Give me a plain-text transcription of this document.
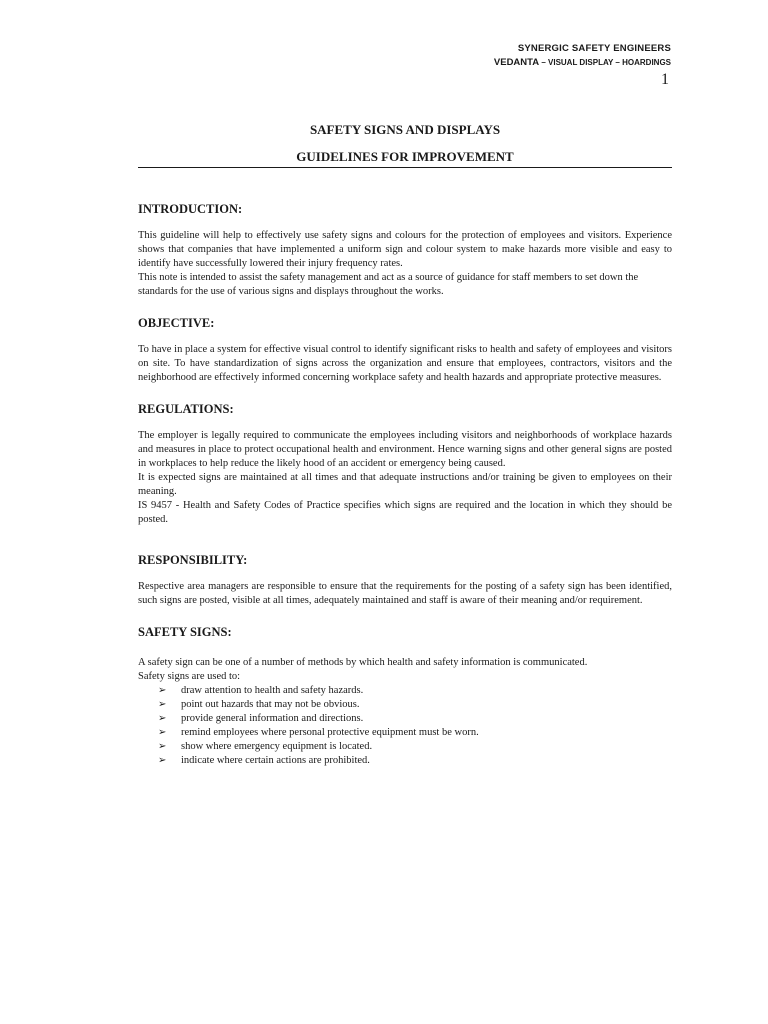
SYNERGIC SAFETY ENGINEERS
VEDANTA – VISUAL DISPLAY – HOARDINGS
1
SAFETY SIGNS AND DISPLAYS
GUIDELINES FOR IMPROVEMENT
INTRODUCTION:

This guideline will help to effectively use safety signs and colours for the protection of employees and visitors. Experience shows that companies that have implemented a uniform sign and colour system to make hazards more visible and easy to identify have successfully lowered their injury frequency rates.

This note is intended to assist the safety management and act as a source of guidance for staff members to set down the standards for the use of various signs and displays throughout the works.

OBJECTIVE:

To have in place a system for effective visual control to identify significant risks to health and safety of employees and visitors on site. To have standardization of signs across the organization and ensure that employees, contractors, visitors and the neighborhood are effectively informed concerning workplace safety and health hazards and appropriate protective measures.

REGULATIONS:

The employer is legally required to communicate the employees including visitors and neighborhoods of workplace hazards and measures in place to protect occupational health and environment. Hence warning signs and other general signs are posted in workplaces to help reduce the likely hood of an accident or emergency being caused.

It is expected signs are maintained at all times and that adequate instructions and/or training be given to employees on their meaning.

IS 9457 - Health and Safety Codes of Practice specifies which signs are required and the location in which they should be posted.

RESPONSIBILITY:

Respective area managers are responsible to ensure that the requirements for the posting of a safety sign has been identified, such signs are posted, visible at all times, adequately maintained and staff is aware of their meaning and/or requirement.

SAFETY SIGNS:

A safety sign can be one of a number of methods by which health and safety information is communicated.

Safety signs are used to:

➢ draw attention to health and safety hazards.
➢ point out hazards that may not be obvious.
➢ provide general information and directions.
➢ remind employees where personal protective equipment must be worn.
➢ show where emergency equipment is located.
➢ indicate where certain actions are prohibited.
